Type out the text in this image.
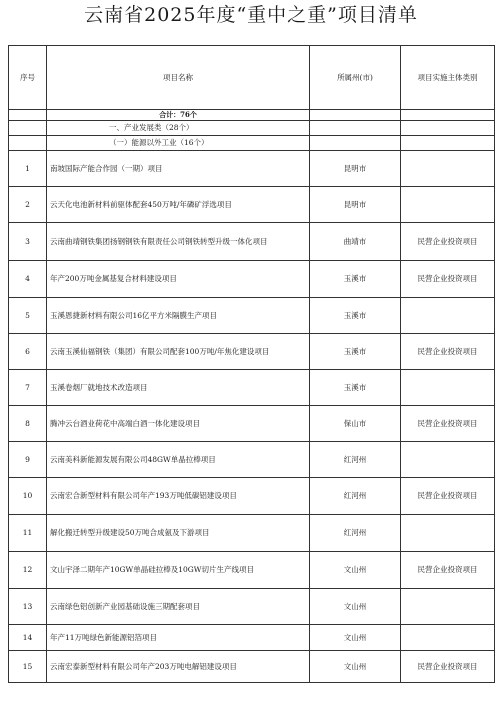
云南省2025年度“重中之重”项目清单
序号	项目名称	所属州(市)	项目实施主体类别
	合计：76个		
	一、产业发展类（28个）		
	（一）能源以外工业（16个）		
1	南坡国际产能合作园（一期）项目	昆明市	
2	云天化电池新材料前驱体配套450万吨/年磷矿浮选项目	昆明市	
3	云南曲靖钢铁集团扬钢钢铁有限责任公司钢铁转型升级一体化项目	曲靖市	民营企业投资项目
4	年产200万吨金属基复合材料建设项目	玉溪市	民营企业投资项目
5	玉溪恩捷新材料有限公司16亿平方米隔膜生产项目	玉溪市	
6	云南玉溪仙福钢铁（集团）有限公司配套100万吨/年焦化建设项目	玉溪市	民营企业投资项目
7	玉溪卷烟厂就地技术改造项目	玉溪市	
8	腾冲云台酒业荷花中高端白酒一体化建设项目	保山市	民营企业投资项目
9	云南美科新能源发展有限公司48GW单晶拉棒项目	红河州	
10	云南宏合新型材料有限公司年产193万吨低碳铝建设项目	红河州	民营企业投资项目
11	解化搬迁转型升级建设50万吨合成氨及下游项目	红河州	
12	文山宇泽二期年产10GW单晶硅拉棒及10GW切片生产线项目	文山州	民营企业投资项目
13	云南绿色铝创新产业园基础设施三期配套项目	文山州	
14	年产11万吨绿色新能源铝箔项目	文山州	
15	云南宏泰新型材料有限公司年产203万吨电解铝建设项目	文山州	民营企业投资项目
